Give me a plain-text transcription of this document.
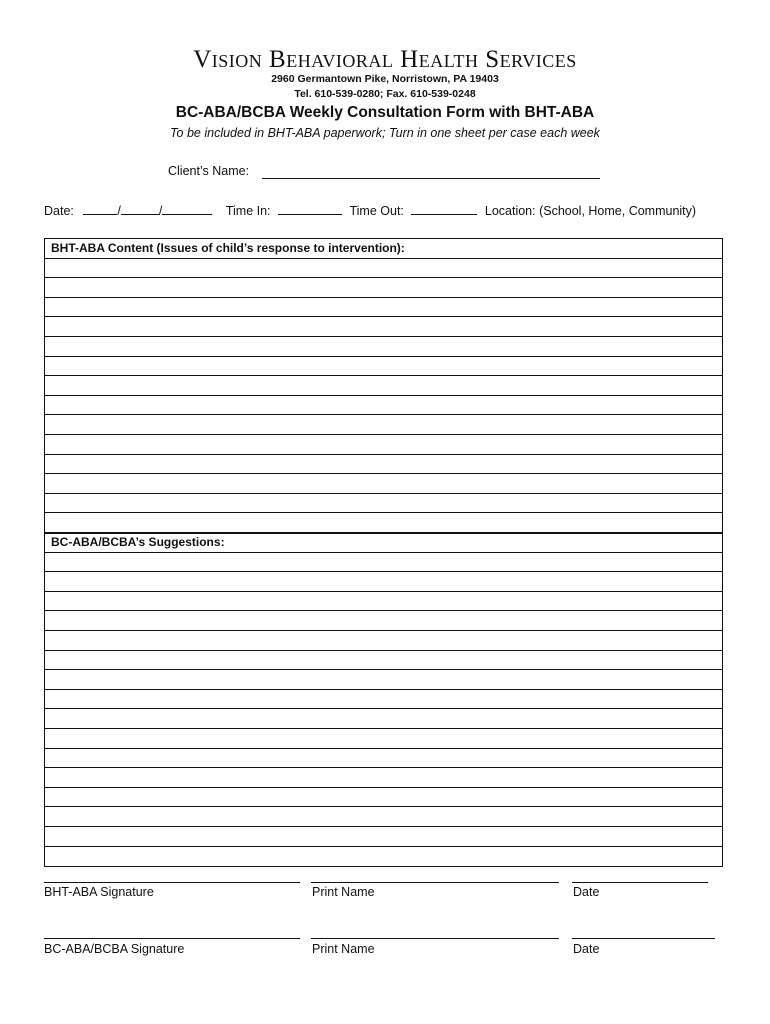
Vision Behavioral Health Services
2960 Germantown Pike, Norristown, PA 19403
Tel. 610-539-0280; Fax. 610-539-0248
BC-ABA/BCBA Weekly Consultation Form with BHT-ABA
To be included in BHT-ABA paperwork; Turn in one sheet per case each week
Client’s Name:
Date:	/	/	Time In:	Time Out:	Location: (School, Home, Community)
BHT-ABA Content (Issues of child’s response to intervention):
BC-ABA/BCBA’s Suggestions:
BHT-ABA Signature	Print Name	Date
BC-ABA/BCBA Signature	Print Name	Date
